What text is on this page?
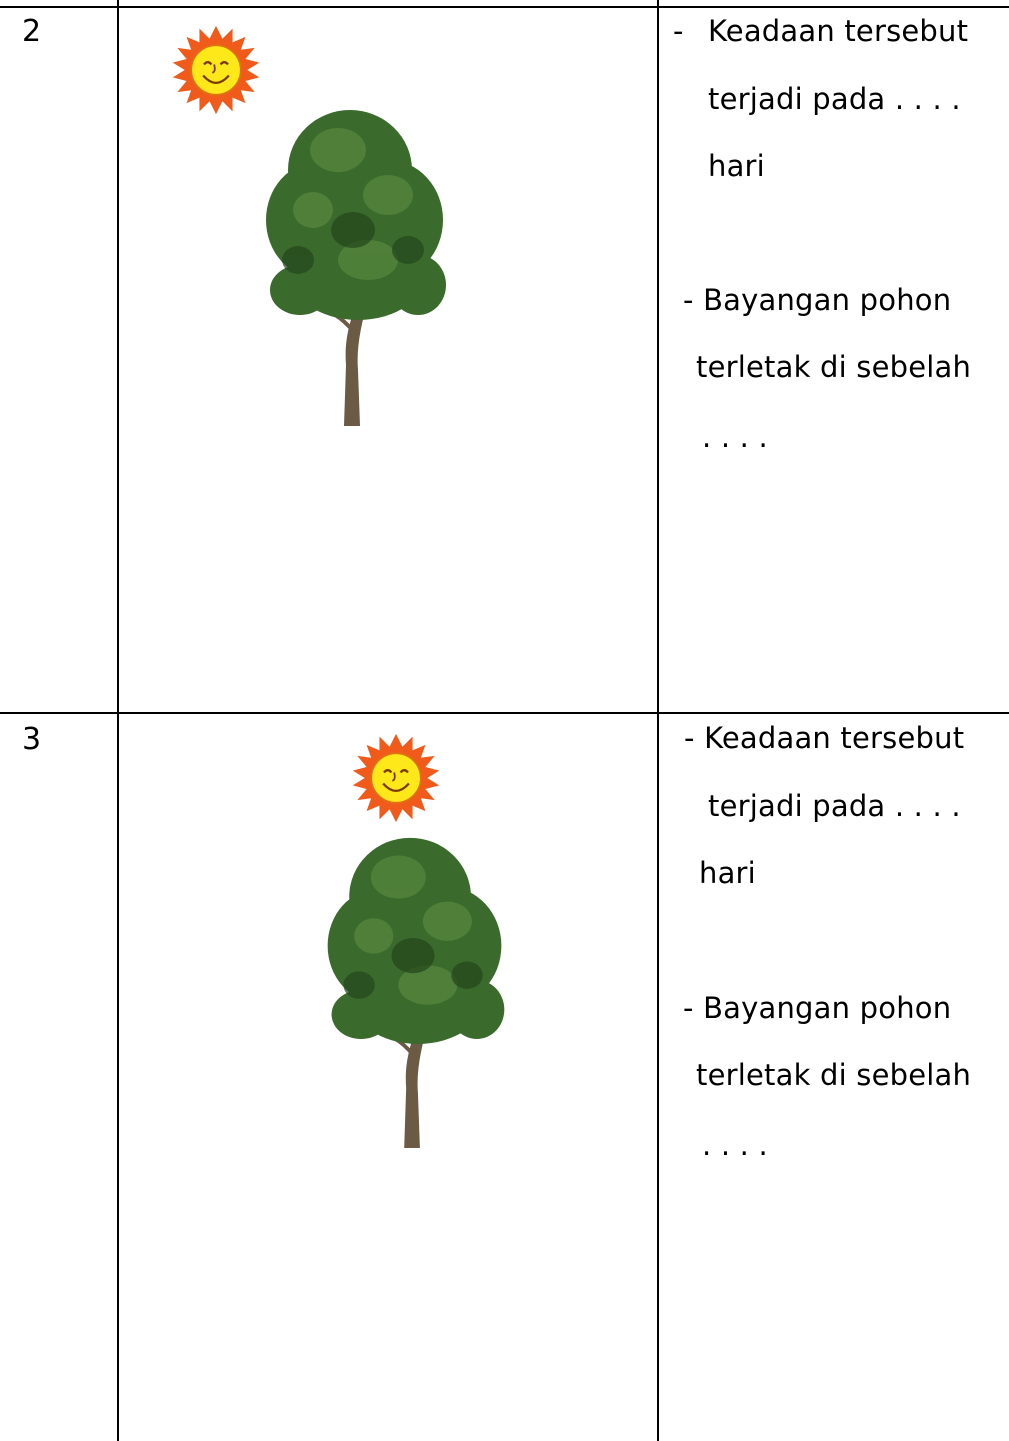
2	- Keadaan tersebut
terjadi pada . . . .
hari
- Bayangan pohon
terletak di sebelah
. . . .
3	- Keadaan tersebut
terjadi pada . . . .
hari
- Bayangan pohon
terletak di sebelah
. . . .
